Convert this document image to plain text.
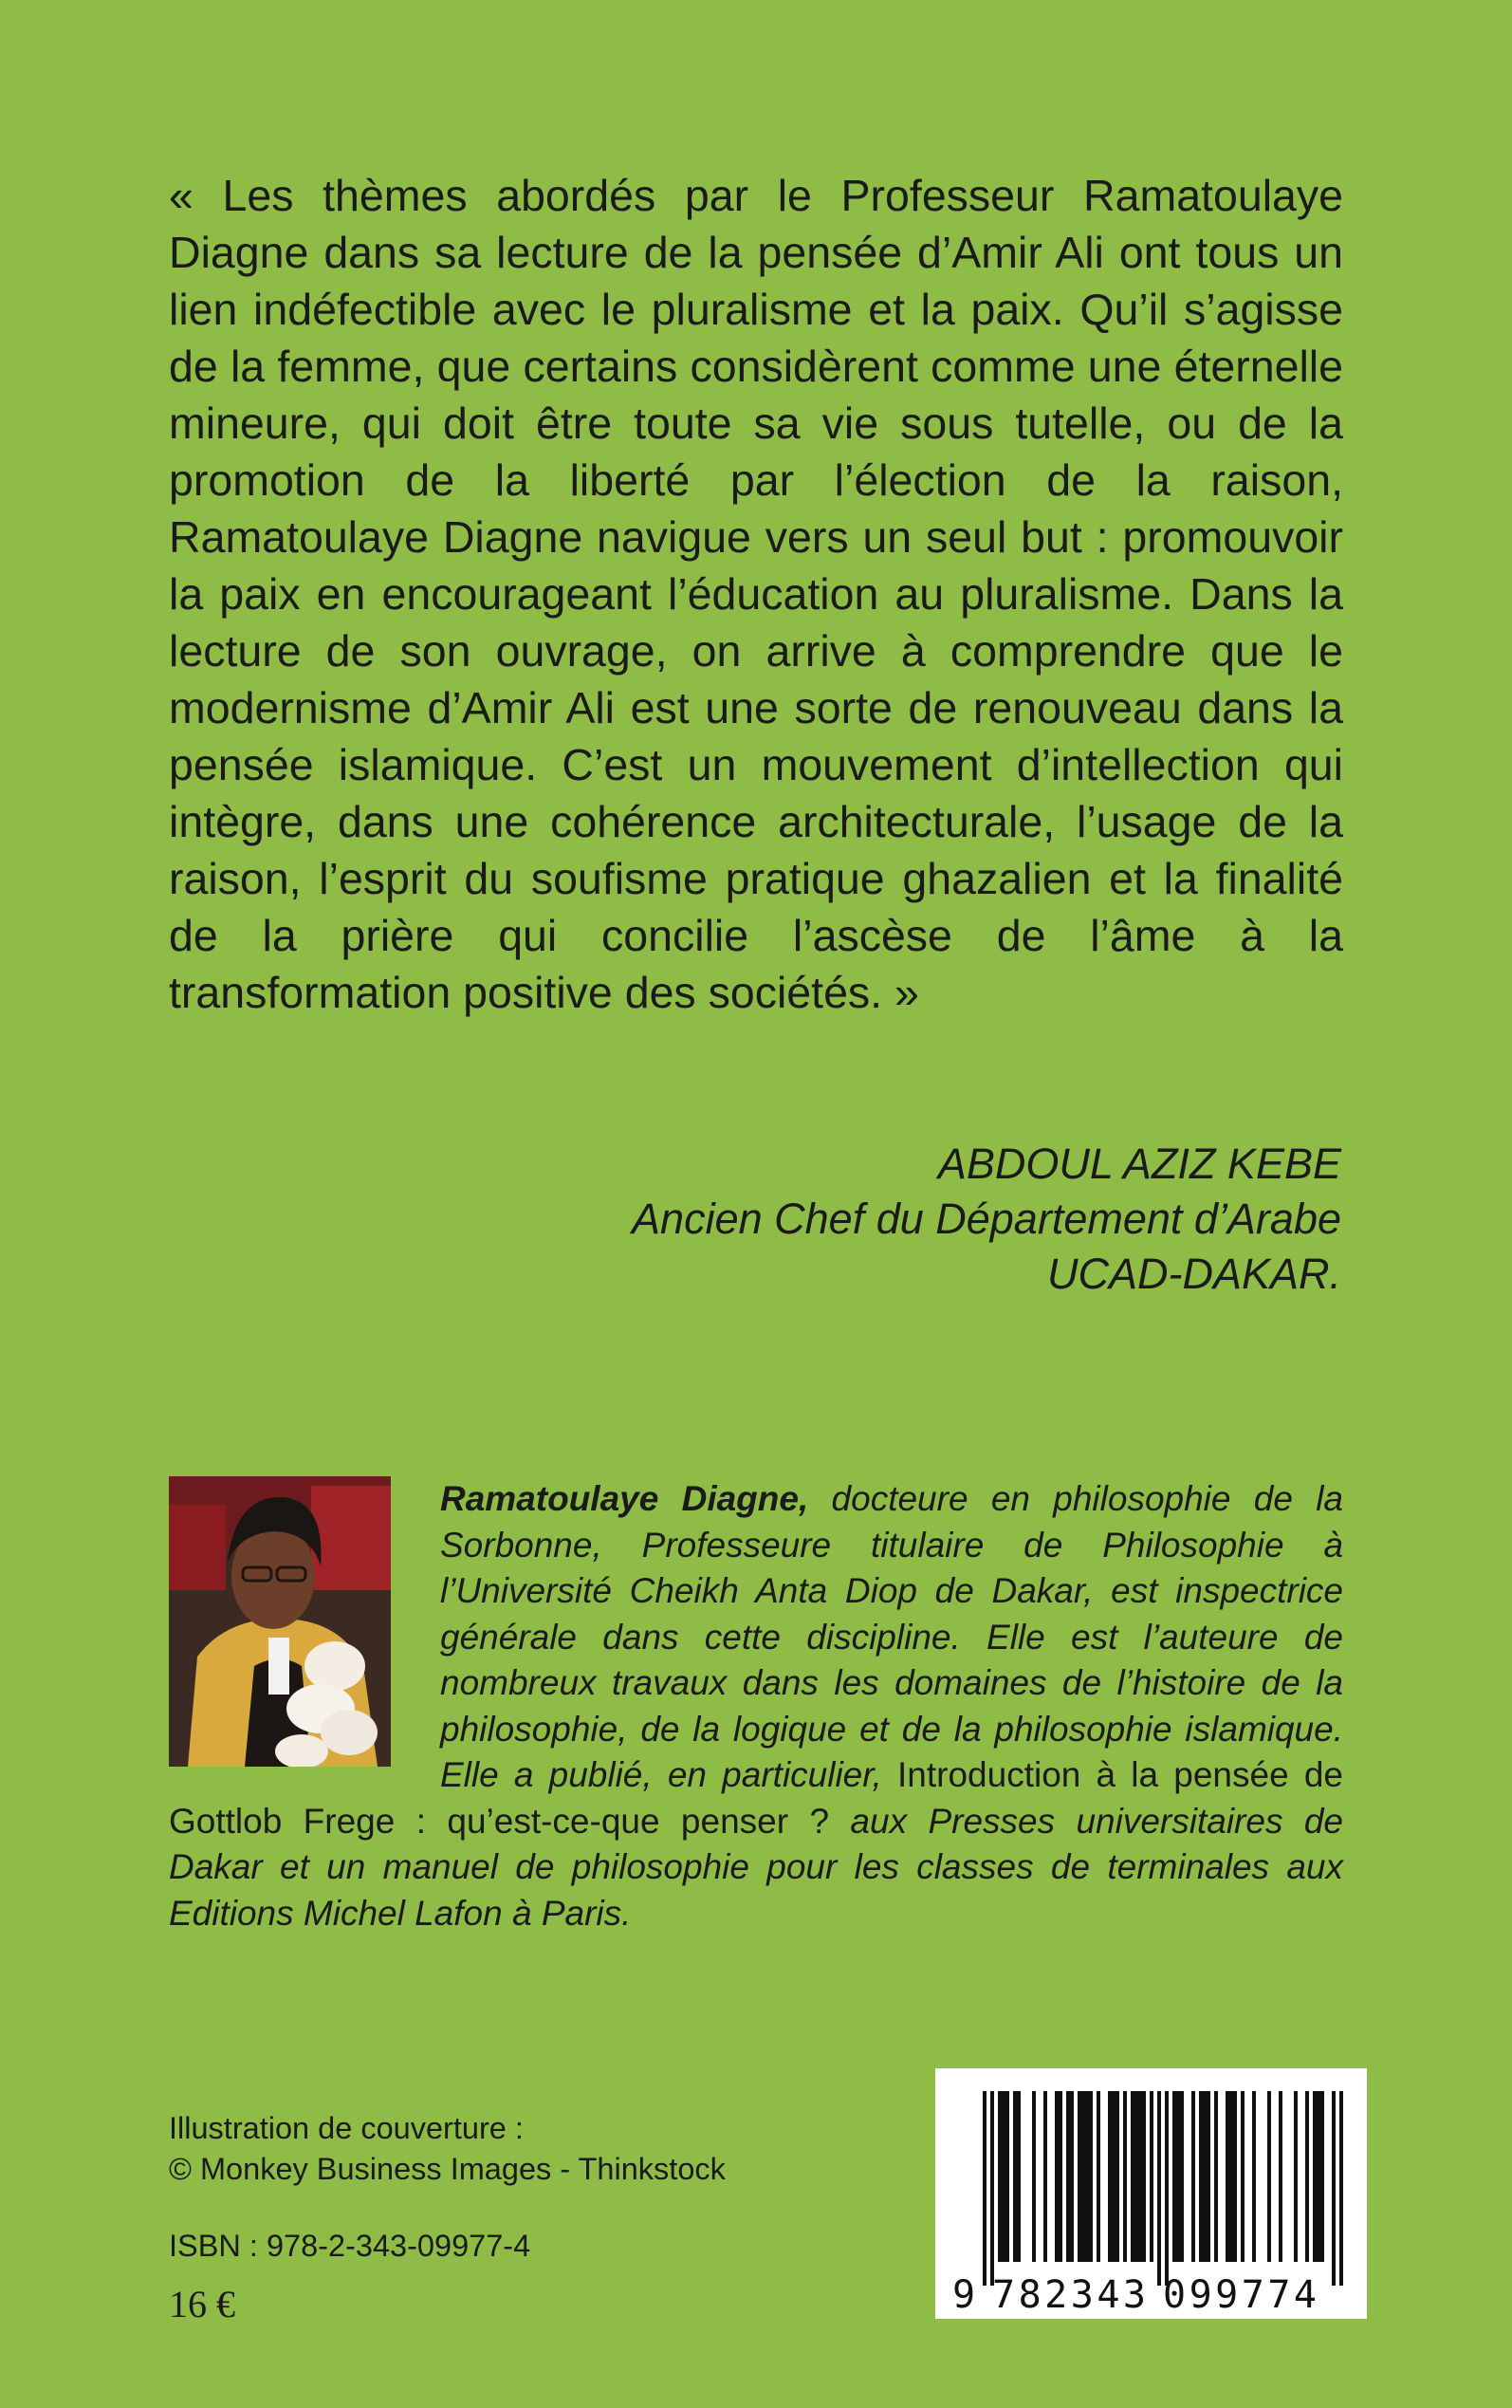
« Les thèmes abordés par le Professeur Ramatoulaye Diagne dans sa lecture de la pensée d’Amir Ali ont tous un lien indéfectible avec le pluralisme et la paix. Qu’il s’agisse de la femme, que certains considèrent comme une éternelle mineure, qui doit être toute sa vie sous tutelle, ou de la promotion de la liberté par l’élection de la raison, Ramatoulaye Diagne navigue vers un seul but : promouvoir la paix en encourageant l’éducation au pluralisme. Dans la lecture de son ouvrage, on arrive à comprendre que le modernisme d’Amir Ali est une sorte de renouveau dans la pensée islamique. C’est un mouvement d’intellection qui intègre, dans une cohérence architecturale, l’usage de la raison, l’esprit du soufisme pratique ghazalien et la finalité de la prière qui concilie l’ascèse de l’âme à la transformation positive des sociétés. »

ABDOUL AZIZ KEBE
Ancien Chef du Département d’Arabe
UCAD-DAKAR.

Ramatoulaye Diagne, docteure en philosophie de la Sorbonne, Professeure titulaire de Philosophie à l’Université Cheikh Anta Diop de Dakar, est inspectrice générale dans cette discipline. Elle est l’auteure de nombreux travaux dans les domaines de l’histoire de la philosophie, de la logique et de la philosophie islamique. Elle a publié, en particulier, Introduction à la pensée de Gottlob Frege : qu’est-ce-que penser ? aux Presses universitaires de Dakar et un manuel de philosophie pour les classes de terminales aux Editions Michel Lafon à Paris.

Illustration de couverture :
© Monkey Business Images - Thinkstock
ISBN : 978-2-343-09977-4
16 €	9 782343 099774
